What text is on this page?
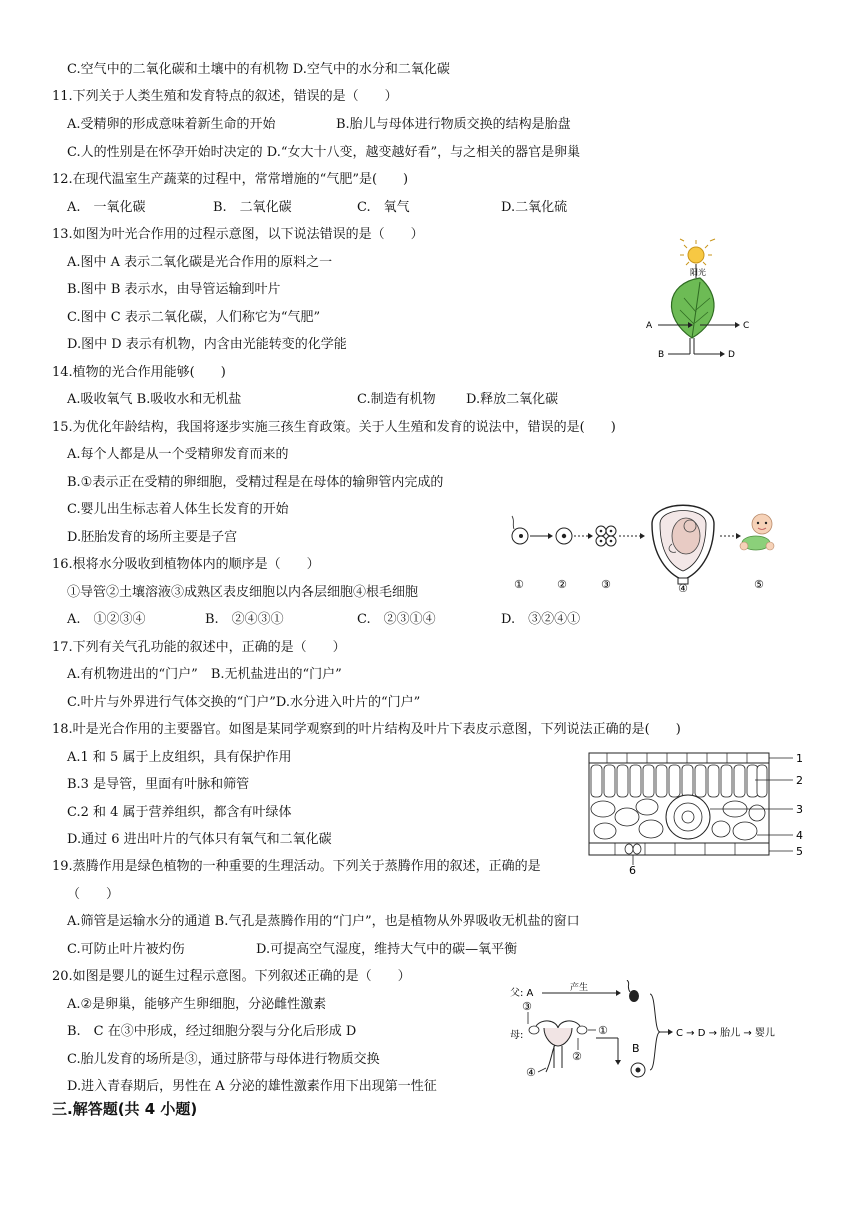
C.空气中的二氧化碳和土壤中的有机物 D.空气中的水分和二氧化碳
11.下列关于人类生殖和发育特点的叙述，错误的是（　　）
A.受精卵的形成意味着新生命的开始	B.胎儿与母体进行物质交换的结构是胎盘
C.人的性别是在怀孕开始时决定的 D.“女大十八变，越变越好看”，与之相关的器官是卵巢
12.在现代温室生产蔬菜的过程中，常常增施的“气肥”是(　　)
A.　一氧化碳	B.　二氧化碳	C.　氧气	D.二氧化硫
13.如图为叶光合作用的过程示意图，以下说法错误的是（　　）
A.图中 A 表示二氧化碳是光合作用的原料之一
B.图中 B 表示水，由导管运输到叶片
C.图中 C 表示二氧化碳，人们称它为“气肥”
D.图中 D 表示有机物，内含由光能转变的化学能
阳光
A	C
B	D
14.植物的光合作用能够(　　)
A.吸收氧气 B.吸收水和无机盐	C.制造有机物 D.释放二氧化碳
15.为优化年龄结构，我国将逐步实施三孩生育政策。关于人生殖和发育的说法中，错误的是(　　)
A.每个人都是从一个受精卵发育而来的
B.①表示正在受精的卵细胞，受精过程是在母体的输卵管内完成的
C.婴儿出生标志着人体生长发育的开始
D.胚胎发育的场所主要是子宫
①	②	③	④	⑤
16.根将水分吸收到植物体内的顺序是（　　）
①导管②土壤溶液③成熟区表皮细胞以内各层细胞④根毛细胞
A.　①②③④	B.　②④③①	C.　②③①④	D.　③②④①
17.下列有关气孔功能的叙述中，正确的是（　　）
A.有机物进出的“门户”　B.无机盐进出的“门户”
C.叶片与外界进行气体交换的“门户”D.水分进入叶片的“门户”
18.叶是光合作用的主要器官。如图是某同学观察到的叶片结构及叶片下表皮示意图，下列说法正确的是(　　)
A.1 和 5 属于上皮组织，具有保护作用
B.3 是导管，里面有叶脉和筛管
C.2 和 4 属于营养组织，都含有叶绿体
D.通过 6 进出叶片的气体只有氧气和二氧化碳
1
2
3
4
5
6
19.蒸腾作用是绿色植物的一种重要的生理活动。下列关于蒸腾作用的叙述，正确的是
（　　）
A.筛管是运输水分的通道 B.气孔是蒸腾作用的“门户”，也是植物从外界吸收无机盐的窗口
C.可防止叶片被灼伤	D.可提高空气湿度，维持大气中的碳—氧平衡
20.如图是婴儿的诞生过程示意图。下列叙述正确的是（　　）
A.②是卵巢，能够产生卵细胞，分泌雌性激素
B.　C 在③中形成，经过细胞分裂与分化后形成 D
C.胎儿发育的场所是③，通过脐带与母体进行物质交换
D.进入青春期后，男性在 A 分泌的雄性激素作用下出现第一性征
父: A	产生
母:
③
①
②
④
B
C → D → 胎儿 → 婴儿
三.解答题(共 4 小题)
